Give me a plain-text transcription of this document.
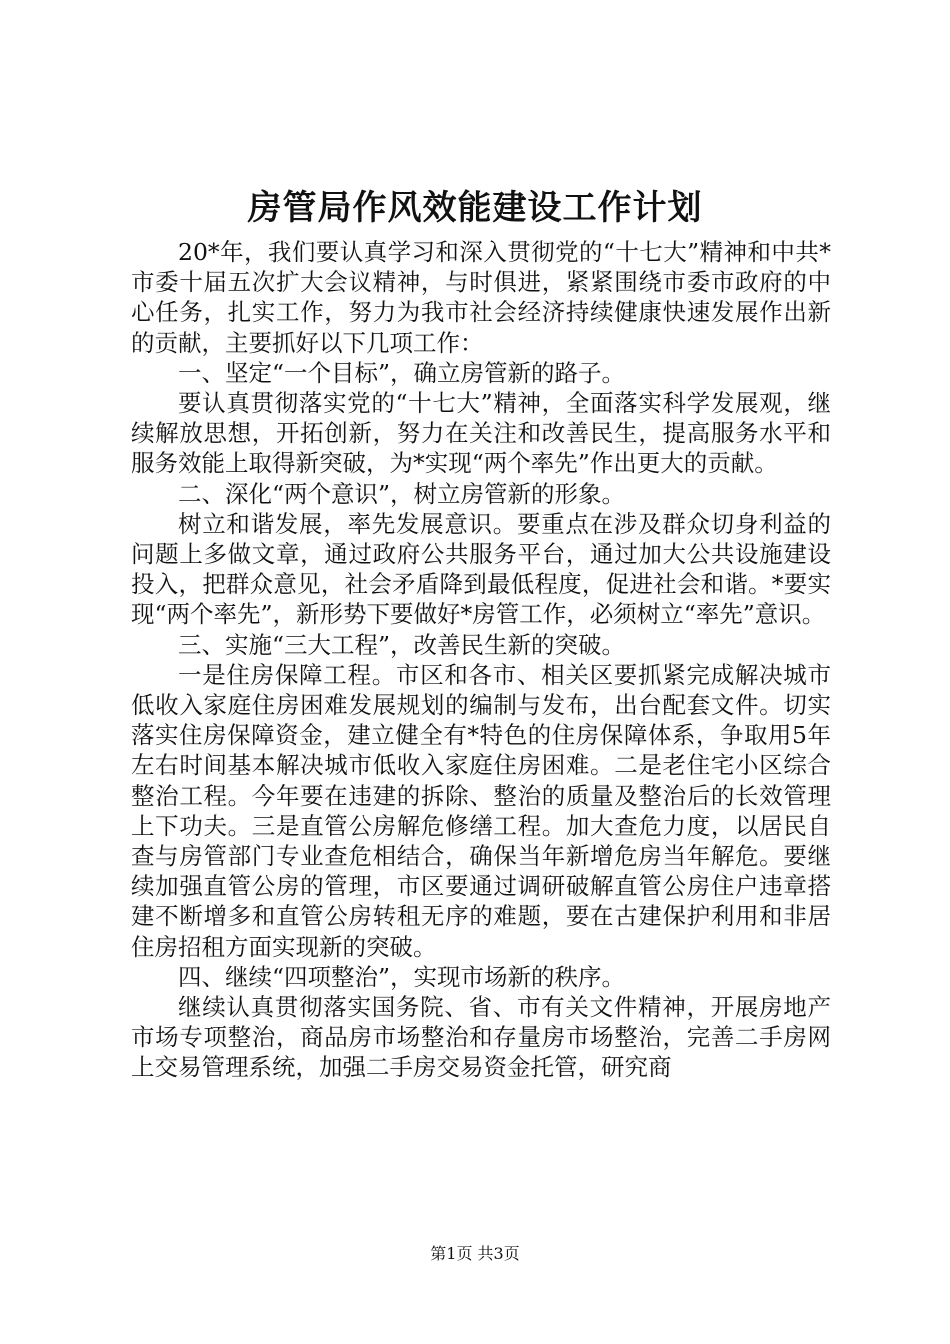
房管局作风效能建设工作计划

20*年，我们要认真学习和深入贯彻党的“十七大”精神和中共*市委十届五次扩大会议精神，与时俱进，紧紧围绕市委市政府的中心任务，扎实工作，努力为我市社会经济持续健康快速发展作出新的贡献，主要抓好以下几项工作：

一、坚定“一个目标”，确立房管新的路子。

要认真贯彻落实党的“十七大”精神，全面落实科学发展观，继续解放思想，开拓创新，努力在关注和改善民生，提高服务水平和服务效能上取得新突破，为*实现“两个率先”作出更大的贡献。

二、深化“两个意识”，树立房管新的形象。

树立和谐发展，率先发展意识。要重点在涉及群众切身利益的问题上多做文章，通过政府公共服务平台，通过加大公共设施建设投入，把群众意见，社会矛盾降到最低程度，促进社会和谐。*要实现“两个率先”，新形势下要做好*房管工作，必须树立“率先”意识。

三、实施“三大工程”，改善民生新的突破。

一是住房保障工程。市区和各市、相关区要抓紧完成解决城市低收入家庭住房困难发展规划的编制与发布，出台配套文件。切实落实住房保障资金，建立健全有*特色的住房保障体系，争取用5年左右时间基本解决城市低收入家庭住房困难。二是老住宅小区综合整治工程。今年要在违建的拆除、整治的质量及整治后的长效管理上下功夫。三是直管公房解危修缮工程。加大查危力度，以居民自查与房管部门专业查危相结合，确保当年新增危房当年解危。要继续加强直管公房的管理，市区要通过调研破解直管公房住户违章搭建不断增多和直管公房转租无序的难题，要在古建保护利用和非居住房招租方面实现新的突破。

四、继续“四项整治”，实现市场新的秩序。

继续认真贯彻落实国务院、省、市有关文件精神，开展房地产市场专项整治，商品房市场整治和存量房市场整治，完善二手房网上交易管理系统，加强二手房交易资金托管，研究商

第1页 共3页
